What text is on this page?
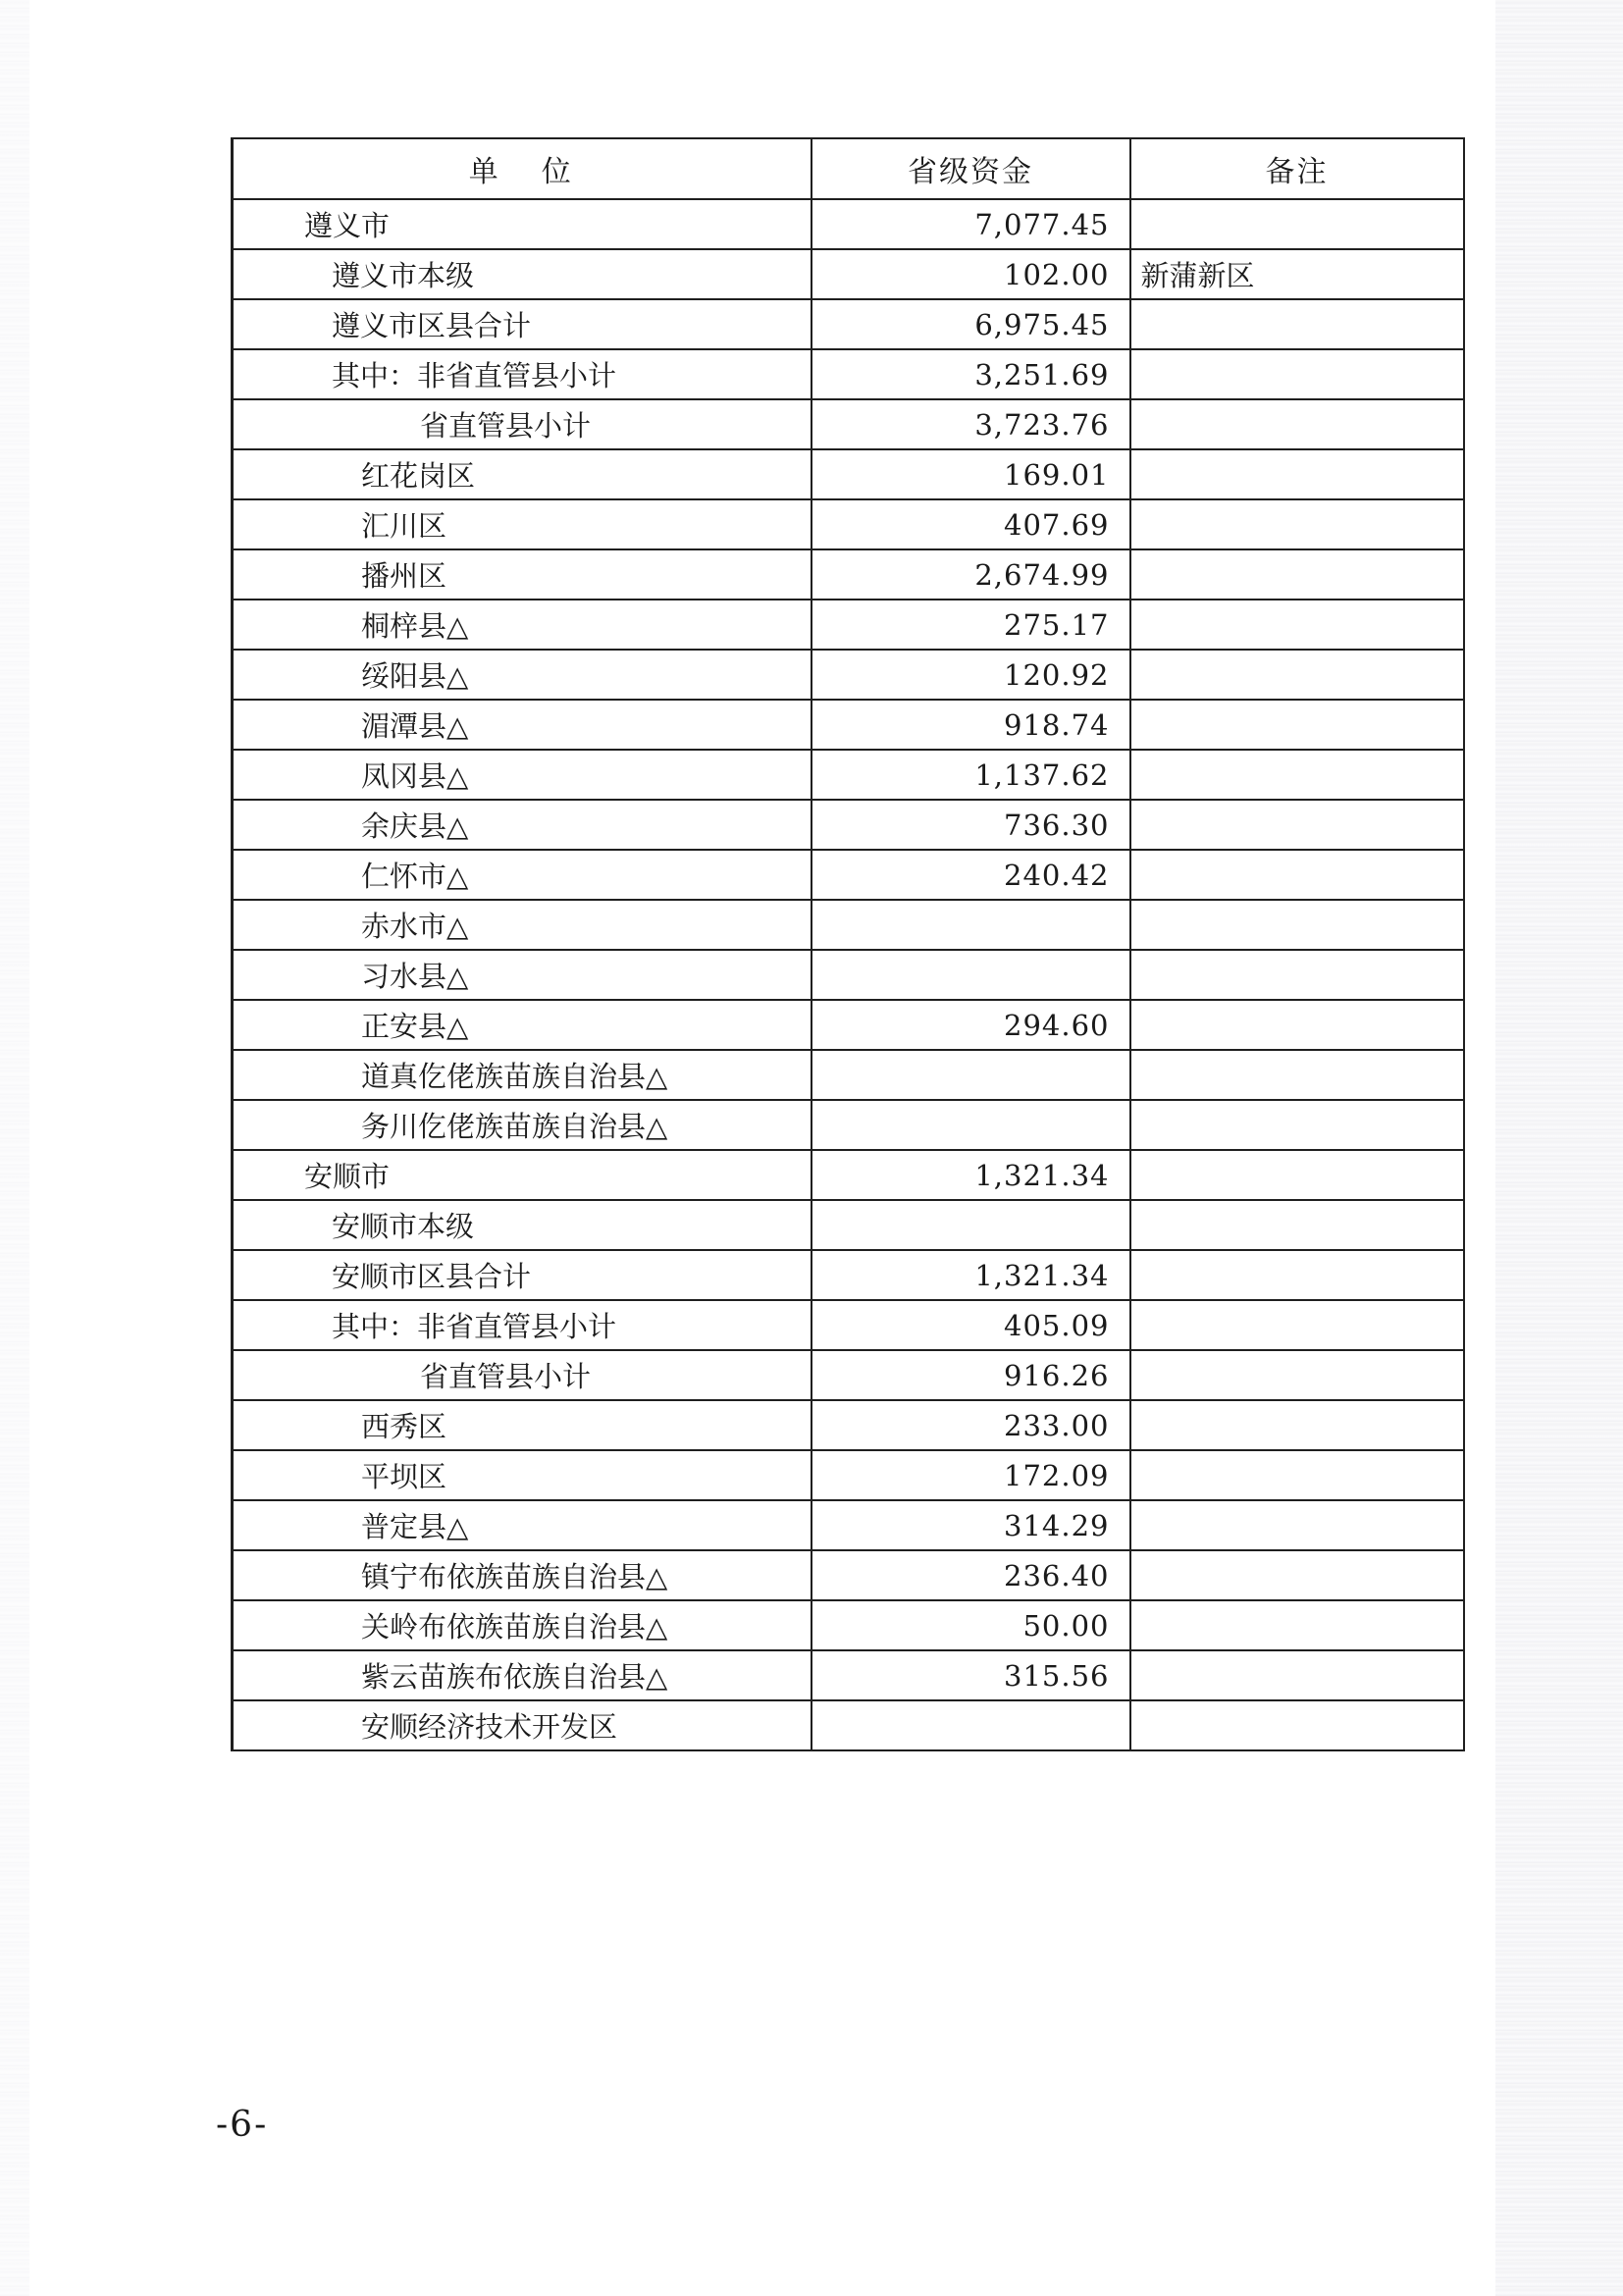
单位	省级资金	备注
遵义市	7,077.45	
遵义市本级	102.00	新蒲新区
遵义市区县合计	6,975.45	
其中：非省直管县小计	3,251.69	
省直管县小计	3,723.76	
红花岗区	169.01	
汇川区	407.69	
播州区	2,674.99	
桐梓县△	275.17	
绥阳县△	120.92	
湄潭县△	918.74	
凤冈县△	1,137.62	
余庆县△	736.30	
仁怀市△	240.42	
赤水市△		
习水县△		
正安县△	294.60	
道真仡佬族苗族自治县△		
务川仡佬族苗族自治县△		
安顺市	1,321.34	
安顺市本级		
安顺市区县合计	1,321.34	
其中：非省直管县小计	405.09	
省直管县小计	916.26	
西秀区	233.00	
平坝区	172.09	
普定县△	314.29	
镇宁布依族苗族自治县△	236.40	
关岭布依族苗族自治县△	50.00	
紫云苗族布依族自治县△	315.56	
安顺经济技术开发区		
-6-
